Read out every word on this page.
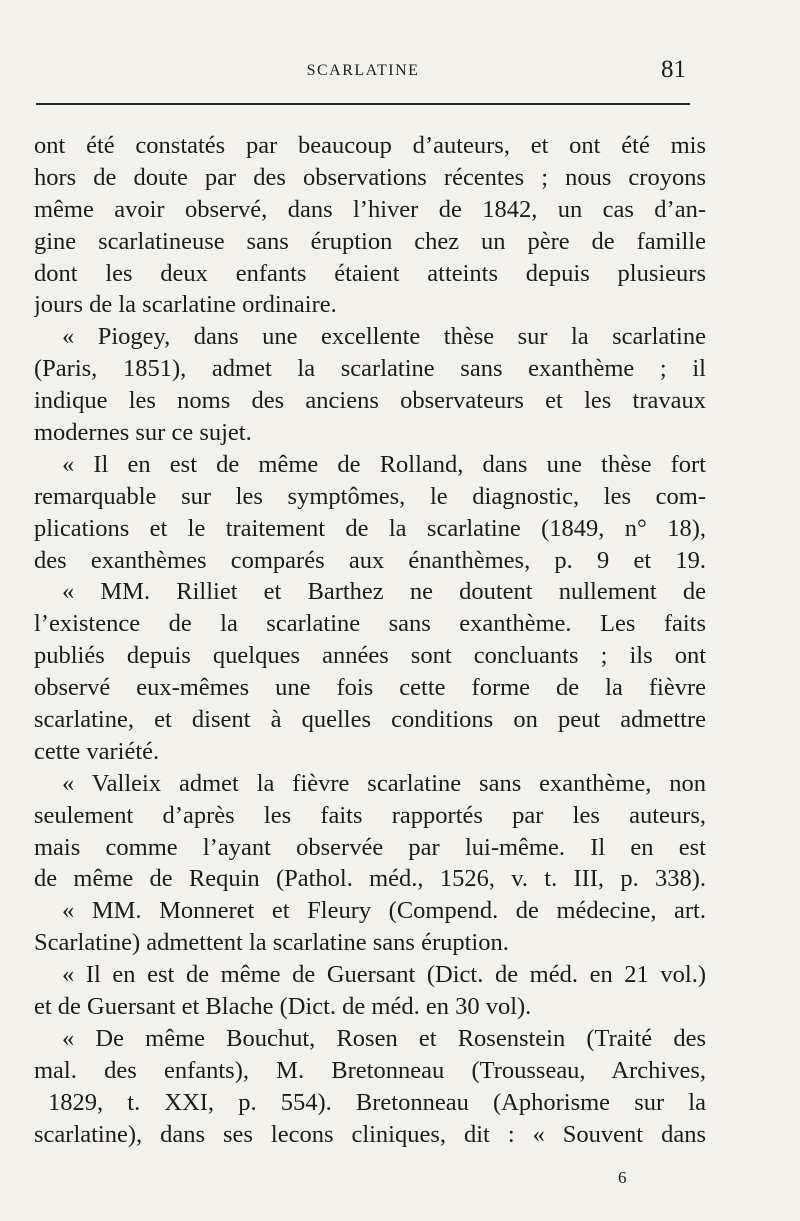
SCARLATINE	81
ont été constatés par beaucoup d’auteurs, et ont été mis
hors de doute par des observations récentes ; nous croyons
même avoir observé, dans l’hiver de 1842, un cas d’an-
gine scarlatineuse sans éruption chez un père de famille
dont les deux enfants étaient atteints depuis plusieurs
jours de la scarlatine ordinaire.
« Piogey, dans une excellente thèse sur la scarlatine
(Paris, 1851), admet la scarlatine sans exanthème ; il
indique les noms des anciens observateurs et les travaux
modernes sur ce sujet.
« Il en est de même de Rolland, dans une thèse fort
remarquable sur les symptômes, le diagnostic, les com-
plications et le traitement de la scarlatine (1849, n° 18),
des exanthèmes comparés aux énanthèmes, p. 9 et 19.
« MM. Rilliet et Barthez ne doutent nullement de
l’existence de la scarlatine sans exanthème. Les faits
publiés depuis quelques années sont concluants ; ils ont
observé eux-mêmes une fois cette forme de la fièvre
scarlatine, et disent à quelles conditions on peut admettre
cette variété.
« Valleix admet la fièvre scarlatine sans exanthème, non
seulement d’après les faits rapportés par les auteurs,
mais comme l’ayant observée par lui-même. Il en est
de même de Requin (Pathol. méd., 1526, v. t. III, p. 338).
« MM. Monneret et Fleury (Compend. de médecine, art.
Scarlatine) admettent la scarlatine sans éruption.
« Il en est de même de Guersant (Dict. de méd. en 21 vol.)
et de Guersant et Blache (Dict. de méd. en 30 vol).
« De même Bouchut, Rosen et Rosenstein (Traité des
mal. des enfants), M. Bretonneau (Trousseau, Archives,
1829, t. XXI, p. 554). Bretonneau (Aphorisme sur la
scarlatine), dans ses lecons cliniques, dit : « Souvent dans
6
